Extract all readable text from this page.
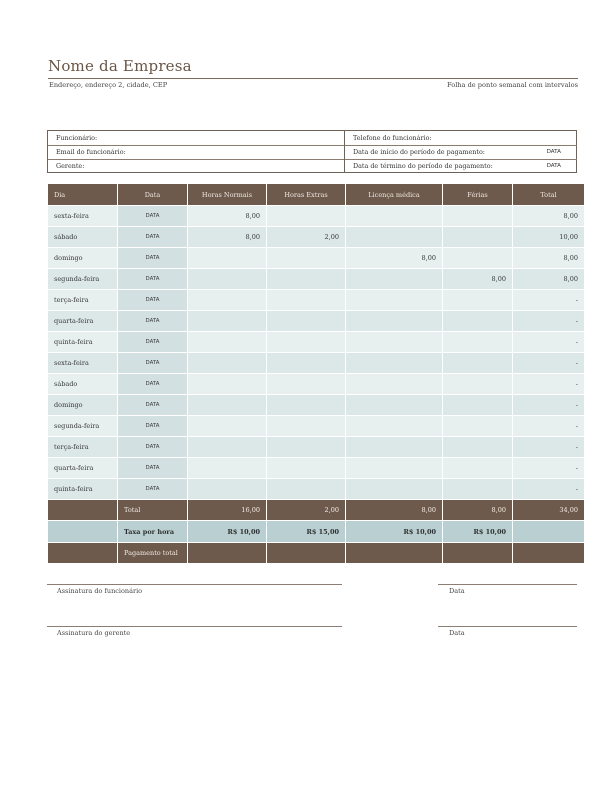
Nome da Empresa
Endereço, endereço 2, cidade, CEP	Folha de ponto semanal com intervalos
Funcionário:
Email do funcionário:
Gerente:
Telefone do funcionário:
Data de início do período de pagamento:	DATA
Data de término do período de pagamento:	DATA
Dia	Data	Horas Normais	Horas Extras	Licença médica	Férias	Total
sexta-feira	DATA	8,00				8,00
sábado	DATA	8,00	2,00			10,00
domingo	DATA			8,00		8,00
segunda-feira	DATA				8,00	8,00
terça-feira	DATA					-
quarta-feira	DATA					-
quinta-feira	DATA					-
sexta-feira	DATA					-
sábado	DATA					-
domingo	DATA					-
segunda-feira	DATA					-
terça-feira	DATA					-
quarta-feira	DATA					-
quinta-feira	DATA					-
	Total	16,00	2,00	8,00	8,00	34,00
	Taxa por hora	R$ 10,00	R$ 15,00	R$ 10,00	R$ 10,00	
	Pagamento total					
Assinatura do funcionário	Data
Assinatura do gerente	Data
